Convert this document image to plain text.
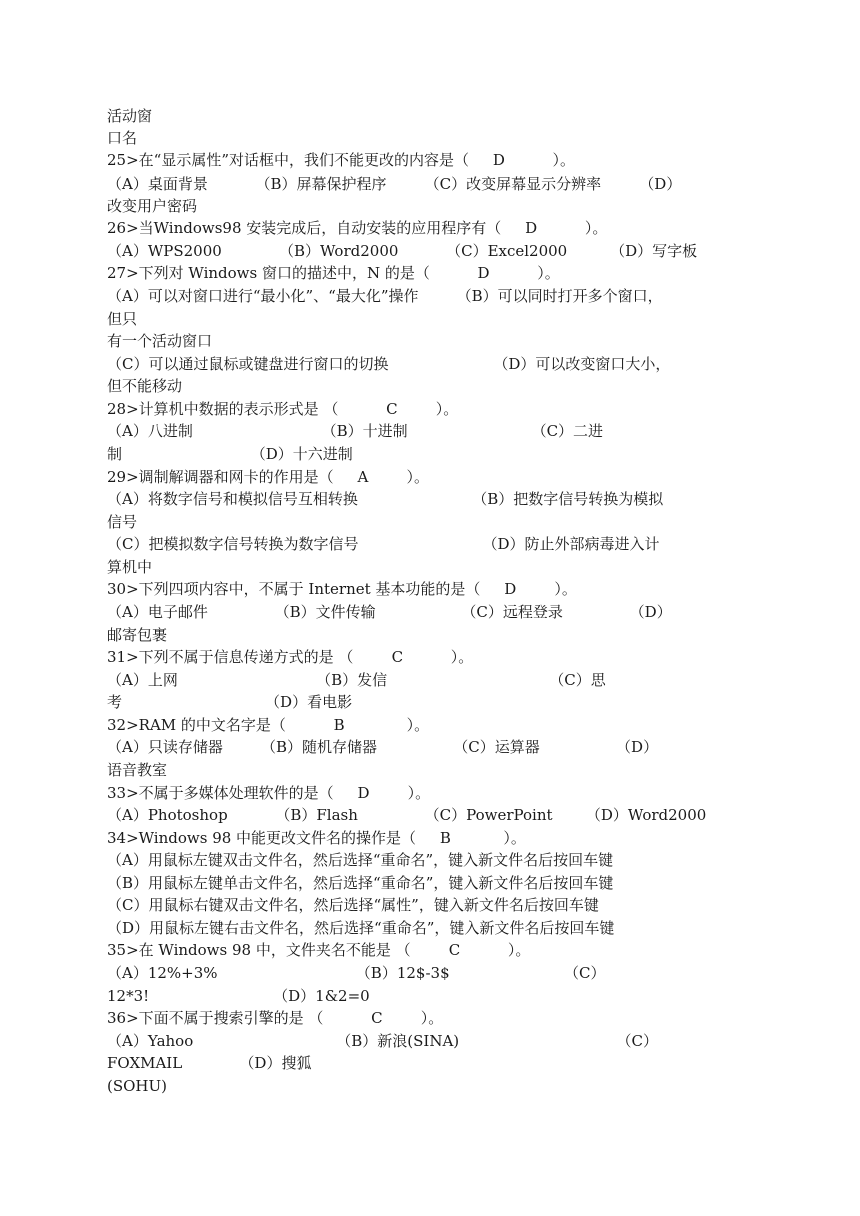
活动窗
口名
25>在“显示属性”对话框中，我们不能更改的内容是（     D          ）。
（A）桌面背景          （B）屏幕保护程序        （C）改变屏幕显示分辨率        （D）
改变用户密码
26>当Windows98 安装完成后，自动安装的应用程序有（     D          ）。
（A）WPS2000            （B）Word2000          （C）Excel2000         （D）写字板
27>下列对 Windows 窗口的描述中，N 的是（          D          ）。
（A）可以对窗口进行“最小化”、“最大化”操作        （B）可以同时打开多个窗口，
但只
有一个活动窗口
（C）可以通过鼠标或键盘进行窗口的切换                      （D）可以改变窗口大小，
但不能移动
28>计算机中数据的表示形式是 （          C        ）。
（A）八进制                           （B）十进制                          （C）二进
制                           （D）十六进制
29>调制解调器和网卡的作用是（     A        ）。
（A）将数字信号和模拟信号互相转换                        （B）把数字信号转换为模拟
信号
（C）把模拟数字信号转换为数字信号                          （D）防止外部病毒进入计
算机中
30>下列四项内容中，不属于 Internet 基本功能的是（     D        ）。
（A）电子邮件              （B）文件传输                  （C）远程登录              （D）
邮寄包裹
31>下列不属于信息传递方式的是 （        C          ）。
（A）上网                             （B）发信                                  （C）思
考                              （D）看电影
32>RAM 的中文名字是（          B             ）。
（A）只读存储器        （B）随机存储器                （C）运算器                （D）
语音教室
33>不属于多媒体处理软件的是（     D        ）。
（A）Photoshop          （B）Flash              （C）PowerPoint       （D）Word2000
34>Windows 98 中能更改文件名的操作是（     B           ）。
（A）用鼠标左键双击文件名，然后选择“重命名”，键入新文件名后按回车键
（B）用鼠标左键单击文件名，然后选择“重命名”，键入新文件名后按回车键
（C）用鼠标右键双击文件名，然后选择“属性”，键入新文件名后按回车键
（D）用鼠标左键右击文件名，然后选择“重命名”，键入新文件名后按回车键
35>在 Windows 98 中，文件夹名不能是 （        C          ）。
（A）12%+3%                             （B）12$-3$                        （C）
12*3!                          （D）1&2=0
36>下面不属于搜索引擎的是 （          C        ）。
（A）Yahoo                              （B）新浪(SINA)                                 （C）
FOXMAIL            （D）搜狐
(SOHU)
